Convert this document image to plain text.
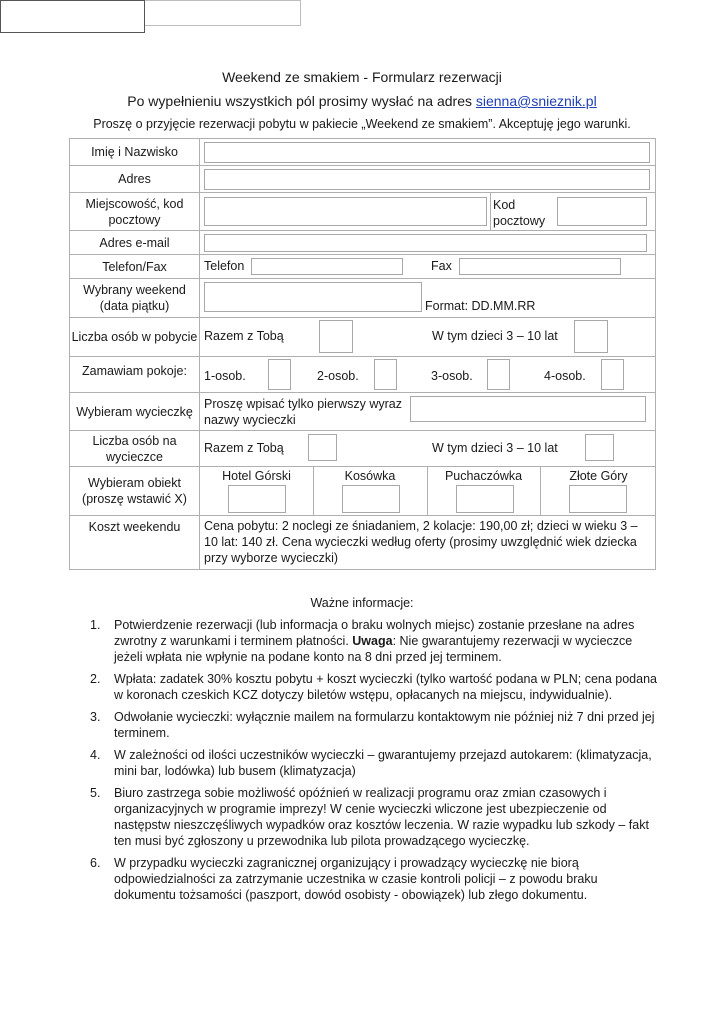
Weekend ze smakiem - Formularz rezerwacji
Po wypełnieniu wszystkich pól prosimy wysłać na adres sienna@snieznik.pl
Proszę o przyjęcie rezerwacji pobytu w pakiecie „Weekend ze smakiem”. Akceptuję jego warunki.
Imię i Nazwisko	

Adres	

Miejscowość, kod pocztowy	Kod pocztowy

Adres e-mail	

Telefon/Fax	Telefon Fax

Wybrany weekend (data piątku)	Format: DD.MM.RR

Liczba osób w pobycie	Razem z Tobą W tym dzieci 3 – 10 lat

Zamawiam pokoje:	1-osob. 2-osob. 3-osob. 4-osob.

Wybieram wycieczkę	Proszę wpisać tylko pierwszy wyraz nazwy wycieczki

Liczba osób na wycieczce	Razem z Tobą W tym dzieci 3 – 10 lat

Wybieram obiekt (proszę wstawić X)	Hotel Górski Kosówka Puchaczówka Złote Góry

Koszt weekendu	Cena pobytu: 2 noclegi ze śniadaniem, 2 kolacje: 190,00 zł; dzieci w wieku 3 – 10 lat: 140 zł. Cena wycieczki według oferty (prosimy uwzględnić wiek dziecka przy wyborze wycieczki)
Ważne informacje:
1. Potwierdzenie rezerwacji (lub informacja o braku wolnych miejsc) zostanie przesłane na adres zwrotny z warunkami i terminem płatności. Uwaga: Nie gwarantujemy rezerwacji w wycieczce jeżeli wpłata nie wpłynie na podane konto na 8 dni przed jej terminem.
2. Wpłata: zadatek 30% kosztu pobytu + koszt wycieczki (tylko wartość podana w PLN; cena podana w koronach czeskich KCZ dotyczy biletów wstępu, opłacanych na miejscu, indywidualnie).
3. Odwołanie wycieczki: wyłącznie mailem na formularzu kontaktowym nie później niż 7 dni przed jej terminem.
4. W zależności od ilości uczestników wycieczki – gwarantujemy przejazd autokarem: (klimatyzacja, mini bar, lodówka) lub busem (klimatyzacja)
5. Biuro zastrzega sobie możliwość opóźnień w realizacji programu oraz zmian czasowych i organizacyjnych w programie imprezy! W cenie wycieczki wliczone jest ubezpieczenie od następstw nieszczęśliwych wypadków oraz kosztów leczenia. W razie wypadku lub szkody – fakt ten musi być zgłoszony u przewodnika lub pilota prowadzącego wycieczkę.
6. W przypadku wycieczki zagranicznej organizujący i prowadzący wycieczkę nie biorą odpowiedzialności za zatrzymanie uczestnika w czasie kontroli policji – z powodu braku dokumentu tożsamości (paszport, dowód osobisty - obowiązek) lub złego dokumentu.
